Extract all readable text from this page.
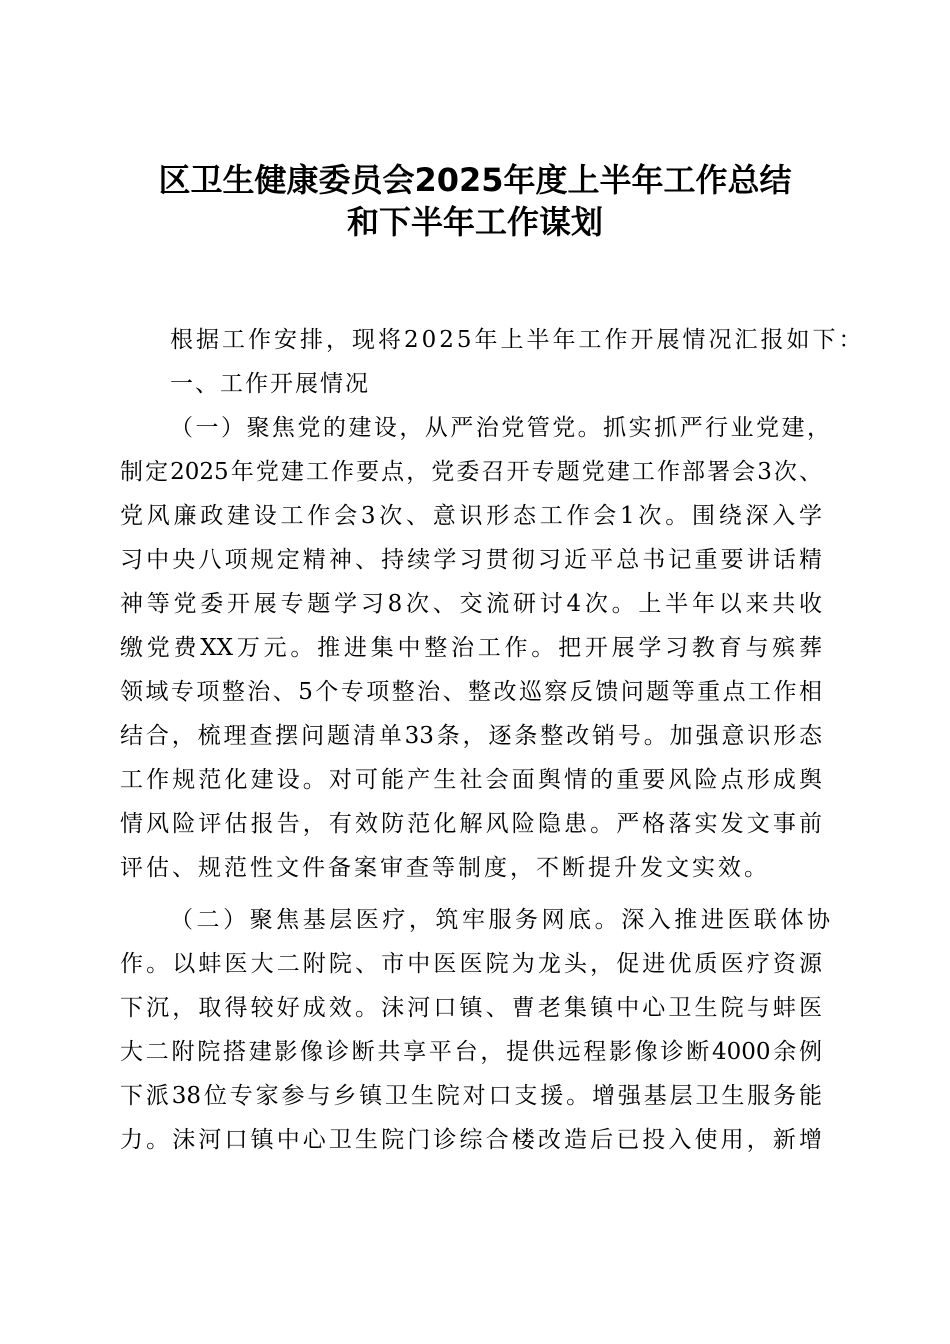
区卫生健康委员会2025年度上半年工作总结
和下半年工作谋划
根据工作安排，现将2025年上半年工作开展情况汇报如下：
一、工作开展情况
（一）聚焦党的建设，从严治党管党。抓实抓严行业党建，
制定2025年党建工作要点，党委召开专题党建工作部署会3次、
党风廉政建设工作会3次、意识形态工作会1次。围绕深入学
习中央八项规定精神、持续学习贯彻习近平总书记重要讲话精
神等党委开展专题学习8次、交流研讨4次。上半年以来共收
缴党费XX万元。推进集中整治工作。把开展学习教育与殡葬
领域专项整治、5个专项整治、整改巡察反馈问题等重点工作相
结合，梳理查摆问题清单33条，逐条整改销号。加强意识形态
工作规范化建设。对可能产生社会面舆情的重要风险点形成舆
情风险评估报告，有效防范化解风险隐患。严格落实发文事前
评估、规范性文件备案审查等制度，不断提升发文实效。
（二）聚焦基层医疗，筑牢服务网底。深入推进医联体协
作。以蚌医大二附院、市中医医院为龙头，促进优质医疗资源
下沉，取得较好成效。沫河口镇、曹老集镇中心卫生院与蚌医
大二附院搭建影像诊断共享平台，提供远程影像诊断4000余例
下派38位专家参与乡镇卫生院对口支援。增强基层卫生服务能
力。沫河口镇中心卫生院门诊综合楼改造后已投入使用，新增
